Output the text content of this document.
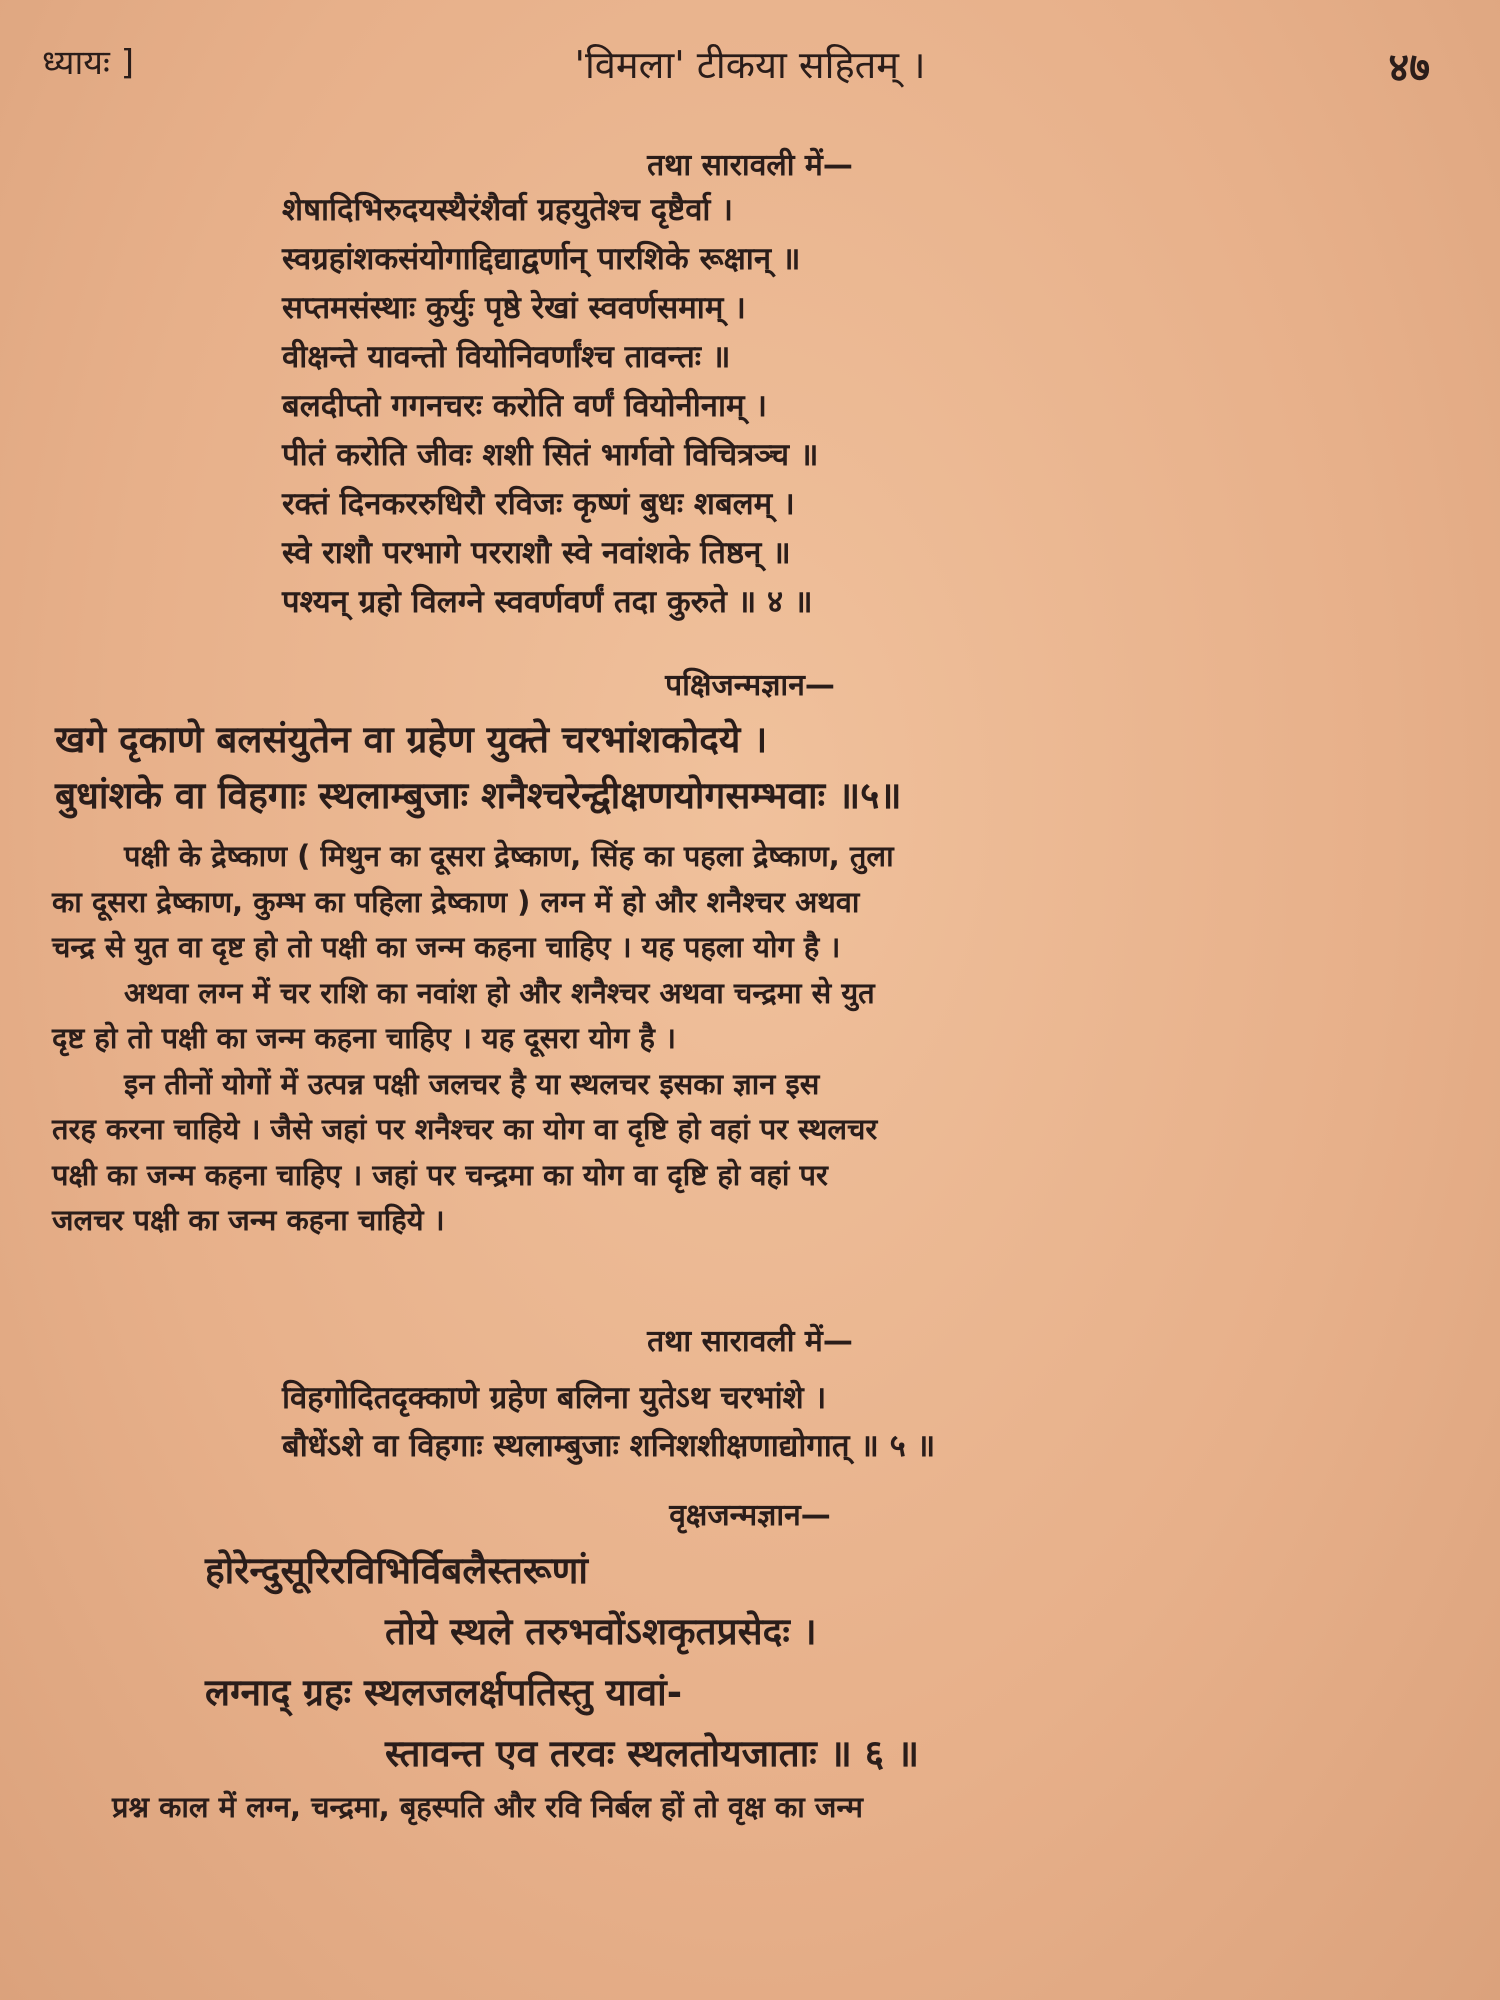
ध्यायः ]	'विमला' टीकया सहितम् ।	४७
तथा सारावली में—
शेषादिभिरुदयस्थैरंशैर्वा ग्रहयुतेश्च दृष्टैर्वा ।
स्वग्रहांशकसंयोगाद्दिद्याद्वर्णान् पारशिके रूक्षान् ॥
सप्तमसंस्थाः कुर्युः पृष्ठे रेखां स्ववर्णसमाम् ।
वीक्षन्ते यावन्तो वियोनिवर्णांश्च तावन्तः ॥
बलदीप्तो गगनचरः करोति वर्णं वियोनीनाम् ।
पीतं करोति जीवः शशी सितं भार्गवो विचित्रञ्च ॥
रक्तं दिनकररुधिरौ रविजः कृष्णं बुधः शबलम् ।
स्वे राशौ परभागे परराशौ स्वे नवांशके तिष्ठन् ॥
पश्यन् ग्रहो विलग्ने स्ववर्णवर्णं तदा कुरुते ॥ ४ ॥
पक्षिजन्मज्ञान—
खगे दृकाणे बलसंयुतेन वा ग्रहेण युक्ते चरभांशकोदये ।
बुधांशके वा विहगाः स्थलाम्बुजाः शनैश्चरेन्द्वीक्षणयोगसम्भवाः ॥५॥
पक्षी के द्रेष्काण ( मिथुन का दूसरा द्रेष्काण, सिंह का पहला द्रेष्काण, तुला
का दूसरा द्रेष्काण, कुम्भ का पहिला द्रेष्काण ) लग्न में हो और शनैश्चर अथवा
चन्द्र से युत वा दृष्ट हो तो पक्षी का जन्म कहना चाहिए । यह पहला योग है ।
अथवा लग्न में चर राशि का नवांश हो और शनैश्चर अथवा चन्द्रमा से युत
दृष्ट हो तो पक्षी का जन्म कहना चाहिए । यह दूसरा योग है ।
इन तीनों योगों में उत्पन्न पक्षी जलचर है या स्थलचर इसका ज्ञान इस
तरह करना चाहिये । जैसे जहां पर शनैश्चर का योग वा दृष्टि हो वहां पर स्थलचर
पक्षी का जन्म कहना चाहिए । जहां पर चन्द्रमा का योग वा दृष्टि हो वहां पर
जलचर पक्षी का जन्म कहना चाहिये ।
तथा सारावली में—
विहगोदितदृक्काणे ग्रहेण बलिना युतेऽथ चरभांशे ।
बौधेंऽशे वा विहगाः स्थलाम्बुजाः शनिशशीक्षणाद्योगात् ॥ ५ ॥
वृक्षजन्मज्ञान—
होरेन्दुसूरिरविभिर्विबलैस्तरूणां
तोये स्थले तरुभवोंऽशकृतप्रसेदः ।
लग्नाद् ग्रहः स्थलजलर्क्षपतिस्तु यावां-
स्तावन्त एव तरवः स्थलतोयजाताः ॥ ६ ॥
प्रश्न काल में लग्न, चन्द्रमा, बृहस्पति और रवि निर्बल हों तो वृक्ष का जन्म
